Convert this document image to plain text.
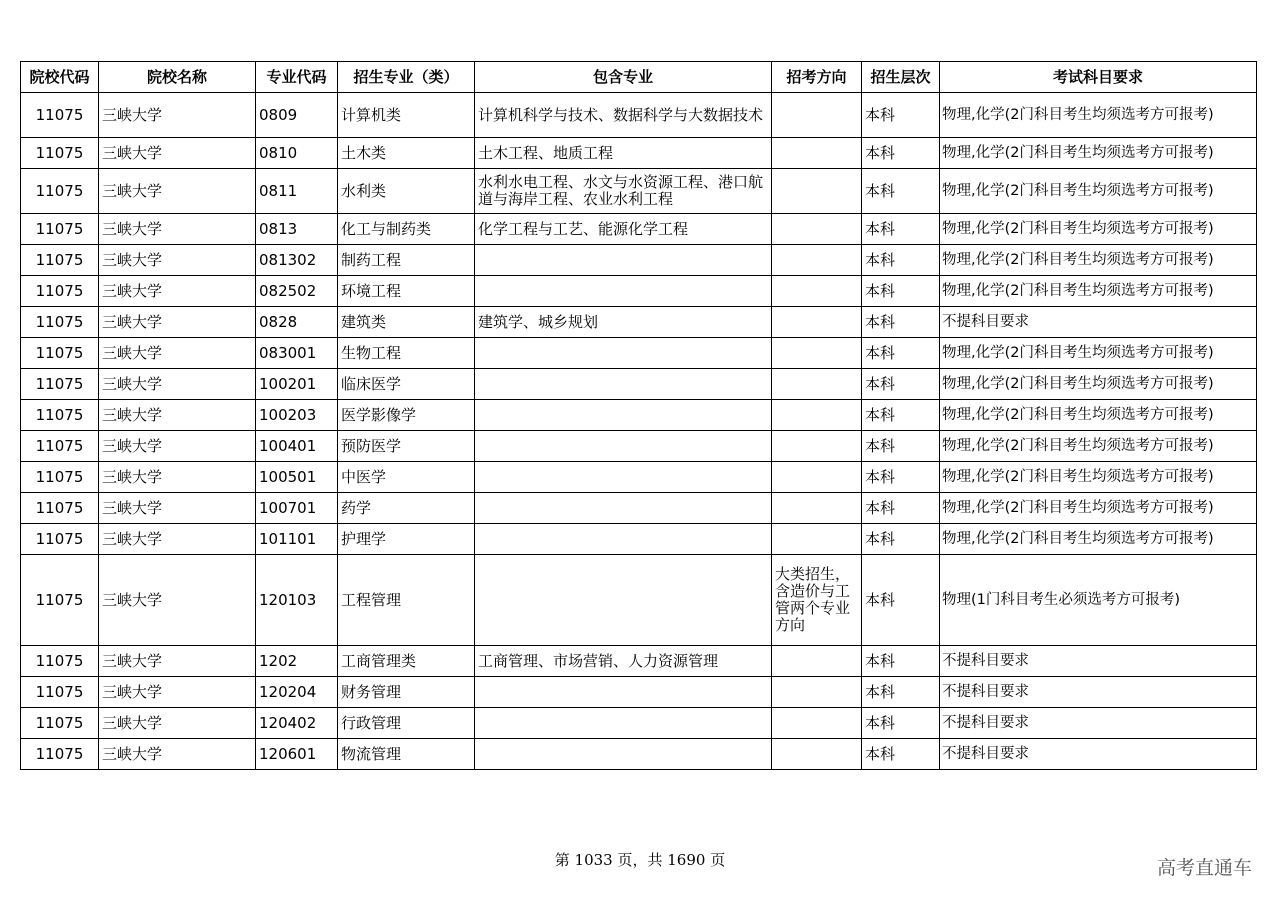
院校代码	院校名称	专业代码	招生专业（类）	包含专业	招考方向	招生层次	考试科目要求
11075	三峡大学	0809	计算机类	计算机科学与技术、数据科学与大数据技术		本科	物理,化学(2门科目考生均须选考方可报考)
11075	三峡大学	0810	土木类	土木工程、地质工程		本科	物理,化学(2门科目考生均须选考方可报考)
11075	三峡大学	0811	水利类	水利水电工程、水文与水资源工程、港口航道与海岸工程、农业水利工程		本科	物理,化学(2门科目考生均须选考方可报考)
11075	三峡大学	0813	化工与制药类	化学工程与工艺、能源化学工程		本科	物理,化学(2门科目考生均须选考方可报考)
11075	三峡大学	081302	制药工程			本科	物理,化学(2门科目考生均须选考方可报考)
11075	三峡大学	082502	环境工程			本科	物理,化学(2门科目考生均须选考方可报考)
11075	三峡大学	0828	建筑类	建筑学、城乡规划		本科	不提科目要求
11075	三峡大学	083001	生物工程			本科	物理,化学(2门科目考生均须选考方可报考)
11075	三峡大学	100201	临床医学			本科	物理,化学(2门科目考生均须选考方可报考)
11075	三峡大学	100203	医学影像学			本科	物理,化学(2门科目考生均须选考方可报考)
11075	三峡大学	100401	预防医学			本科	物理,化学(2门科目考生均须选考方可报考)
11075	三峡大学	100501	中医学			本科	物理,化学(2门科目考生均须选考方可报考)
11075	三峡大学	100701	药学			本科	物理,化学(2门科目考生均须选考方可报考)
11075	三峡大学	101101	护理学			本科	物理,化学(2门科目考生均须选考方可报考)
11075	三峡大学	120103	工程管理		大类招生，含造价与工管两个专业方向	本科	物理(1门科目考生必须选考方可报考)
11075	三峡大学	1202	工商管理类	工商管理、市场营销、人力资源管理		本科	不提科目要求
11075	三峡大学	120204	财务管理			本科	不提科目要求
11075	三峡大学	120402	行政管理			本科	不提科目要求
11075	三峡大学	120601	物流管理			本科	不提科目要求
第 1033 页，共 1690 页	高考直通车
